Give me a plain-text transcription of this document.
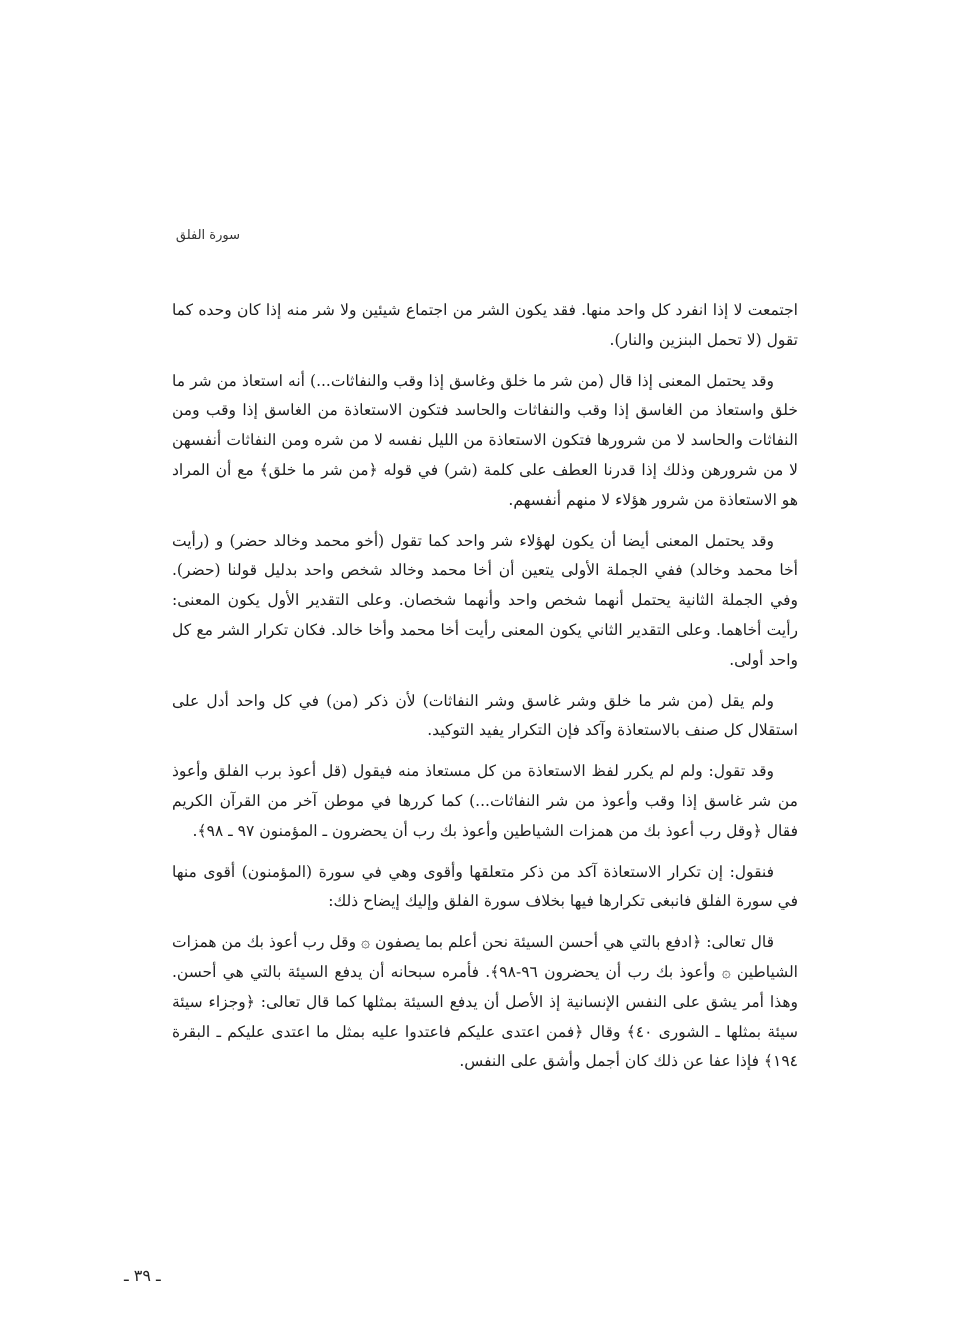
سورة الفلق

اجتمعت لا إذا انفرد كل واحد منها. فقد يكون الشر من اجتماع شيئين ولا شر منه إذا كان وحده كما تقول (لا تحمل البنزين والنار).

وقد يحتمل المعنى إذا قال (من شر ما خلق وغاسق إذا وقب والنفاثات...) أنه استعاذ من شر ما خلق واستعاذ من الغاسق إذا وقب والنفاثات والحاسد فتكون الاستعاذة من الغاسق إذا وقب ومن النفاثات والحاسد لا من شرورها فتكون الاستعاذة من الليل نفسه لا من شره ومن النفاثات أنفسهن لا من شرورهن وذلك إذا قدرنا العطف على كلمة (شر) في قوله ﴿من شر ما خلق﴾ مع أن المراد هو الاستعاذة من شرور هؤلاء لا منهم أنفسهم.

وقد يحتمل المعنى أيضا أن يكون لهؤلاء شر واحد كما تقول (أخو محمد وخالد حضر) و (رأيت أخا محمد وخالد) ففي الجملة الأولى يتعين أن أخا محمد وخالد شخص واحد بدليل قولنا (حضر). وفي الجملة الثانية يحتمل أنهما شخص واحد وأنهما شخصان. وعلى التقدير الأول يكون المعنى: رأيت أخاهما. وعلى التقدير الثاني يكون المعنى رأيت أخا محمد وأخا خالد. فكان تكرار الشر مع كل واحد أولى.

ولم يقل (من شر ما خلق وشر غاسق وشر النفاثات) لأن ذكر (من) في كل واحد أدل على استقلال كل صنف بالاستعاذة وآكد فإن التكرار يفيد التوكيد.

وقد تقول: ولم لم يكرر لفظ الاستعاذة من كل مستعاذ منه فيقول (قل أعوذ برب الفلق وأعوذ من شر غاسق إذا وقب وأعوذ من شر النفاثات...) كما كررها في موطن آخر من القرآن الكريم فقال ﴿وقل رب أعوذ بك من همزات الشياطين وأعوذ بك رب أن يحضرون ـ المؤمنون ٩٧ ـ ٩٨﴾.

فنقول: إن تكرار الاستعاذة آكد من ذكر متعلقها وأقوى وهي في سورة (المؤمنون) أقوى منها في سورة الفلق فانبغى تكرارها فيها بخلاف سورة الفلق وإليك إيضاح ذلك:

قال تعالى: ﴿ادفع بالتي هي أحسن السيئة نحن أعلم بما يصفون ۞ وقل رب أعوذ بك من همزات الشياطين ۞ وأعوذ بك رب أن يحضرون ٩٦-٩٨﴾. فأمره سبحانه أن يدفع السيئة بالتي هي أحسن. وهذا أمر يشق على النفس الإنسانية إذ الأصل أن يدفع السيئة بمثلها كما قال تعالى: ﴿وجزاء سيئة سيئة بمثلها ـ الشورى ٤٠﴾ وقال ﴿فمن اعتدى عليكم فاعتدوا عليه بمثل ما اعتدى عليكم ـ البقرة ١٩٤﴾ فإذا عفا عن ذلك كان أجمل وأشق على النفس.

ـ ٣٩ ـ
